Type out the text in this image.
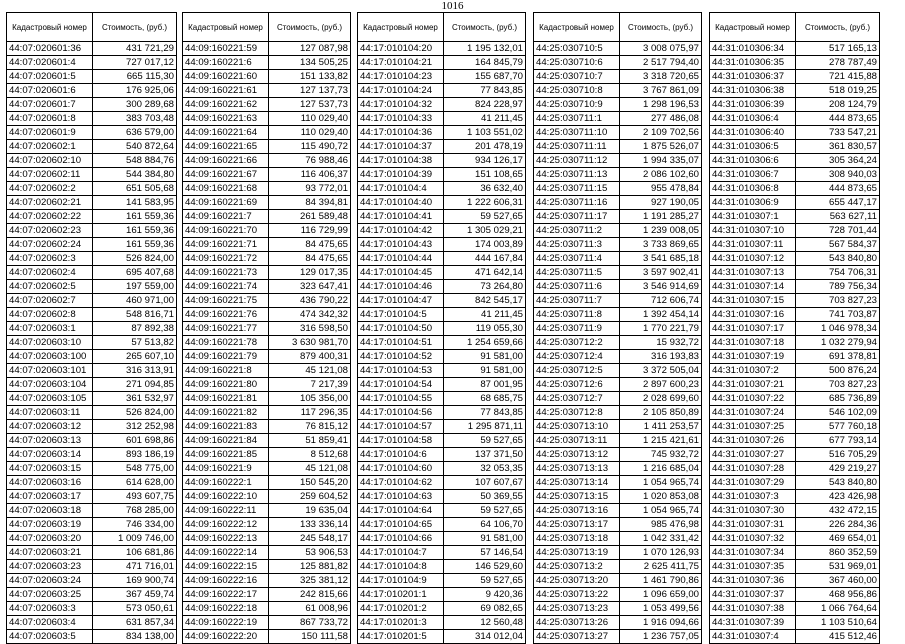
1016
Кадастровый номер	Стоимость, (руб.)
44:07:020601:36	431 721,29
44:07:020601:4	727 017,12
44:07:020601:5	665 115,30
44:07:020601:6	176 925,06
44:07:020601:7	300 289,68
44:07:020601:8	383 703,48
44:07:020601:9	636 579,00
44:07:020602:1	540 872,64
44:07:020602:10	548 884,76
44:07:020602:11	544 384,80
44:07:020602:2	651 505,68
44:07:020602:21	141 583,95
44:07:020602:22	161 559,36
44:07:020602:23	161 559,36
44:07:020602:24	161 559,36
44:07:020602:3	526 824,00
44:07:020602:4	695 407,68
44:07:020602:5	197 559,00
44:07:020602:7	460 971,00
44:07:020602:8	548 816,71
44:07:020603:1	87 892,38
44:07:020603:10	57 513,82
44:07:020603:100	265 607,10
44:07:020603:101	316 313,91
44:07:020603:104	271 094,85
44:07:020603:105	361 532,97
44:07:020603:11	526 824,00
44:07:020603:12	312 252,98
44:07:020603:13	601 698,86
44:07:020603:14	893 186,19
44:07:020603:15	548 775,00
44:07:020603:16	614 628,00
44:07:020603:17	493 607,75
44:07:020603:18	768 285,00
44:07:020603:19	746 334,00
44:07:020603:20	1 009 746,00
44:07:020603:21	106 681,86
44:07:020603:23	471 716,01
44:07:020603:24	169 900,74
44:07:020603:25	367 459,74
44:07:020603:3	573 050,61
44:07:020603:4	631 857,34
44:07:020603:5	834 138,00
Кадастровый номер	Стоимость, (руб.)
44:09:160221:59	127 087,98
44:09:160221:6	134 505,25
44:09:160221:60	151 133,82
44:09:160221:61	127 137,73
44:09:160221:62	127 537,73
44:09:160221:63	110 029,40
44:09:160221:64	110 029,40
44:09:160221:65	115 490,72
44:09:160221:66	76 988,46
44:09:160221:67	116 406,37
44:09:160221:68	93 772,01
44:09:160221:69	84 394,81
44:09:160221:7	261 589,48
44:09:160221:70	116 729,99
44:09:160221:71	84 475,65
44:09:160221:72	84 475,65
44:09:160221:73	129 017,35
44:09:160221:74	323 647,41
44:09:160221:75	436 790,22
44:09:160221:76	474 342,32
44:09:160221:77	316 598,50
44:09:160221:78	3 630 981,70
44:09:160221:79	879 400,31
44:09:160221:8	45 121,08
44:09:160221:80	7 217,39
44:09:160221:81	105 356,00
44:09:160221:82	117 296,35
44:09:160221:83	76 815,12
44:09:160221:84	51 859,41
44:09:160221:85	8 512,68
44:09:160221:9	45 121,08
44:09:160222:1	150 545,20
44:09:160222:10	259 604,52
44:09:160222:11	19 635,04
44:09:160222:12	133 336,14
44:09:160222:13	245 548,17
44:09:160222:14	53 906,53
44:09:160222:15	125 881,82
44:09:160222:16	325 381,12
44:09:160222:17	242 815,66
44:09:160222:18	61 008,96
44:09:160222:19	867 733,72
44:09:160222:20	150 111,58
Кадастровый номер	Стоимость, (руб.)
44:17:010104:20	1 195 132,01
44:17:010104:21	164 845,79
44:17:010104:23	155 687,70
44:17:010104:24	77 843,85
44:17:010104:32	824 228,97
44:17:010104:33	41 211,45
44:17:010104:36	1 103 551,02
44:17:010104:37	201 478,19
44:17:010104:38	934 126,17
44:17:010104:39	151 108,65
44:17:010104:4	36 632,40
44:17:010104:40	1 222 606,31
44:17:010104:41	59 527,65
44:17:010104:42	1 305 029,21
44:17:010104:43	174 003,89
44:17:010104:44	444 167,84
44:17:010104:45	471 642,14
44:17:010104:46	73 264,80
44:17:010104:47	842 545,17
44:17:010104:5	41 211,45
44:17:010104:50	119 055,30
44:17:010104:51	1 254 659,66
44:17:010104:52	91 581,00
44:17:010104:53	91 581,00
44:17:010104:54	87 001,95
44:17:010104:55	68 685,75
44:17:010104:56	77 843,85
44:17:010104:57	1 295 871,11
44:17:010104:58	59 527,65
44:17:010104:6	137 371,50
44:17:010104:60	32 053,35
44:17:010104:62	107 607,67
44:17:010104:63	50 369,55
44:17:010104:64	59 527,65
44:17:010104:65	64 106,70
44:17:010104:66	91 581,00
44:17:010104:7	57 146,54
44:17:010104:8	146 529,60
44:17:010104:9	59 527,65
44:17:010201:1	9 420,36
44:17:010201:2	69 082,65
44:17:010201:3	12 560,48
44:17:010201:5	314 012,04
Кадастровый номер	Стоимость, (руб.)
44:25:030710:5	3 008 075,97
44:25:030710:6	2 517 794,40
44:25:030710:7	3 318 720,65
44:25:030710:8	3 767 861,09
44:25:030710:9	1 298 196,53
44:25:030711:1	277 486,08
44:25:030711:10	2 109 702,56
44:25:030711:11	1 875 526,07
44:25:030711:12	1 994 335,07
44:25:030711:13	2 086 102,60
44:25:030711:15	955 478,84
44:25:030711:16	927 190,05
44:25:030711:17	1 191 285,27
44:25:030711:2	1 239 008,05
44:25:030711:3	3 733 869,65
44:25:030711:4	3 541 685,18
44:25:030711:5	3 597 902,41
44:25:030711:6	3 546 914,69
44:25:030711:7	712 606,74
44:25:030711:8	1 392 454,14
44:25:030711:9	1 770 221,79
44:25:030712:2	15 932,72
44:25:030712:4	316 193,83
44:25:030712:5	3 372 505,04
44:25:030712:6	2 897 600,23
44:25:030712:7	2 028 699,60
44:25:030712:8	2 105 850,89
44:25:030713:10	1 411 253,57
44:25:030713:11	1 215 421,61
44:25:030713:12	745 932,72
44:25:030713:13	1 216 685,04
44:25:030713:14	1 054 965,74
44:25:030713:15	1 020 853,08
44:25:030713:16	1 054 965,74
44:25:030713:17	985 476,98
44:25:030713:18	1 042 331,42
44:25:030713:19	1 070 126,93
44:25:030713:2	2 625 411,75
44:25:030713:20	1 461 790,86
44:25:030713:22	1 096 659,00
44:25:030713:23	1 053 499,56
44:25:030713:26	1 916 094,66
44:25:030713:27	1 236 757,05
Кадастровый номер	Стоимость, (руб.)
44:31:010306:34	517 165,13
44:31:010306:35	278 787,49
44:31:010306:37	721 415,88
44:31:010306:38	518 019,25
44:31:010306:39	208 124,79
44:31:010306:4	444 873,65
44:31:010306:40	733 547,21
44:31:010306:5	361 830,57
44:31:010306:6	305 364,24
44:31:010306:7	308 940,03
44:31:010306:8	444 873,65
44:31:010306:9	655 447,17
44:31:010307:1	563 627,11
44:31:010307:10	728 701,44
44:31:010307:11	567 584,37
44:31:010307:12	543 840,80
44:31:010307:13	754 706,31
44:31:010307:14	789 756,34
44:31:010307:15	703 827,23
44:31:010307:16	741 703,87
44:31:010307:17	1 046 978,34
44:31:010307:18	1 032 279,94
44:31:010307:19	691 378,81
44:31:010307:2	500 876,24
44:31:010307:21	703 827,23
44:31:010307:22	685 736,89
44:31:010307:24	546 102,09
44:31:010307:25	577 760,18
44:31:010307:26	677 793,14
44:31:010307:27	516 705,29
44:31:010307:28	429 219,27
44:31:010307:29	543 840,80
44:31:010307:3	423 426,98
44:31:010307:30	432 472,15
44:31:010307:31	226 284,36
44:31:010307:32	469 654,01
44:31:010307:34	860 352,59
44:31:010307:35	531 969,01
44:31:010307:36	367 460,00
44:31:010307:37	468 956,86
44:31:010307:38	1 066 764,64
44:31:010307:39	1 103 510,64
44:31:010307:4	415 512,46
